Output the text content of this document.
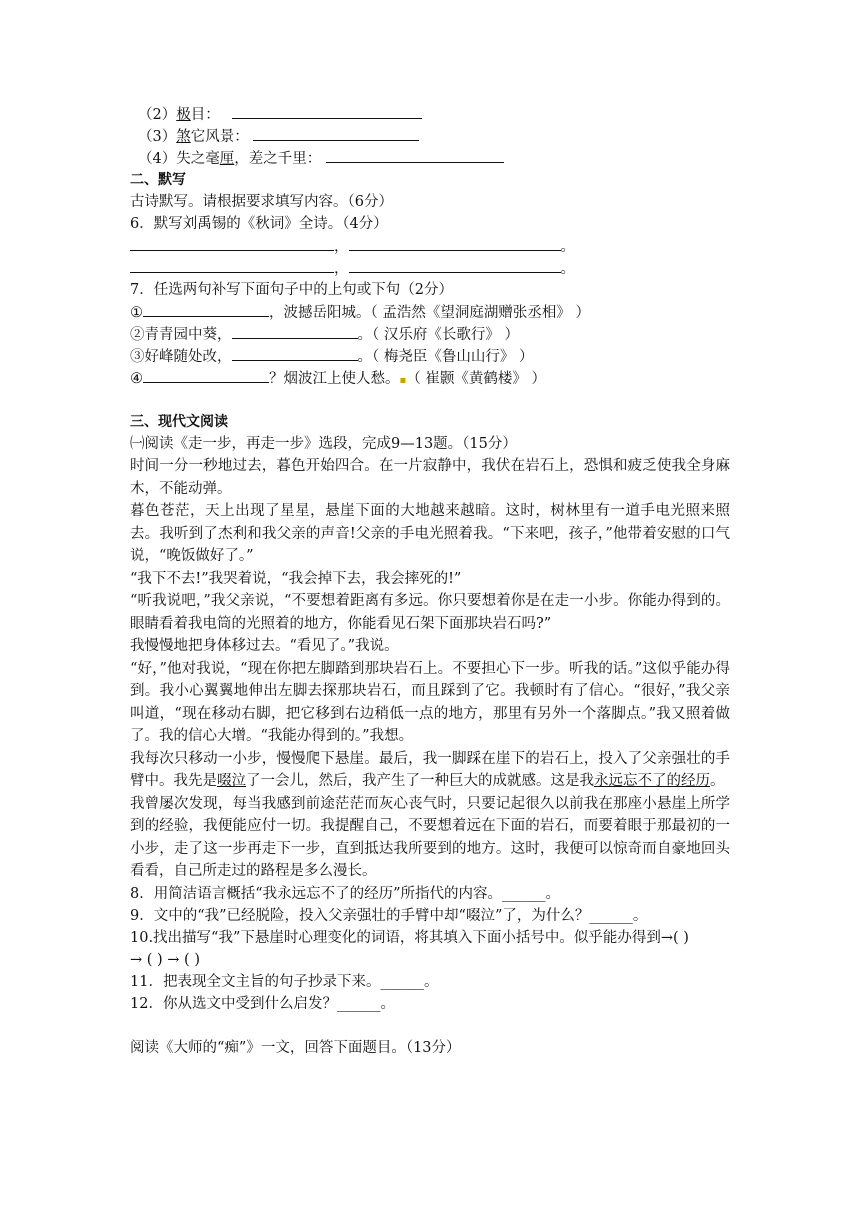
（2）极目：
（3）煞它风景：
（4）失之毫厘，差之千里：
二、默写
古诗默写。请根据要求填写内容。（6分）
6．默写刘禹锡的《秋词》全诗。（4分）
，	。
，	。
7．任选两句补写下面句子中的上句或下句（2分）
①	，波撼岳阳城。（ 孟浩然《望洞庭湖赠张丞相》 ）
②青青园中葵，	。（ 汉乐府《长歌行》 ）
③好峰随处改，	。（ 梅尧臣《鲁山山行》 ）
④	？烟波江上使人愁。▪（ 崔颢《黄鹤楼》 ）
三、现代文阅读
㈠阅读《走一步，再走一步》选段，完成9—13题。（15分）
时间一分一秒地过去，暮色开始四合。在一片寂静中，我伏在岩石上，恐惧和疲乏使我全身麻木，不能动弹。
暮色苍茫，天上出现了星星，悬崖下面的大地越来越暗。这时，树林里有一道手电光照来照去。我听到了杰利和我父亲的声音!父亲的手电光照着我。“下来吧，孩子，”他带着安慰的口气说，“晚饭做好了。”
“我下不去!”我哭着说，“我会掉下去，我会摔死的!”
“听我说吧，”我父亲说，“不要想着距离有多远。你只要想着你是在走一小步。你能办得到的。眼睛看着我电筒的光照着的地方，你能看见石架下面那块岩石吗?”
我慢慢地把身体移过去。“看见了。”我说。
“好，”他对我说，“现在你把左脚踏到那块岩石上。不要担心下一步。听我的话。”这似乎能办得到。我小心翼翼地伸出左脚去探那块岩石，而且踩到了它。我顿时有了信心。“很好，”我父亲叫道，“现在移动右脚，把它移到右边稍低一点的地方，那里有另外一个落脚点。”我又照着做了。我的信心大增。“我能办得到的。”我想。
我每次只移动一小步，慢慢爬下悬崖。最后，我一脚踩在崖下的岩石上，投入了父亲强壮的手臂中。我先是啜泣了一会儿，然后，我产生了一种巨大的成就感。这是我永远忘不了的经历。
我曾屡次发现，每当我感到前途茫茫而灰心丧气时，只要记起很久以前我在那座小悬崖上所学到的经验，我便能应付一切。我提醒自己，不要想着远在下面的岩石，而要着眼于那最初的一小步，走了这一步再走下一步，直到抵达我所要到的地方。这时，我便可以惊奇而自豪地回头看看，自己所走过的路程是多么漫长。
8．用简洁语言概括“我永远忘不了的经历”所指代的内容。______。
9．文中的“我”已经脱险，投入父亲强壮的手臂中却“啜泣”了，为什么？______。
10.找出描写“我”下悬崖时心理变化的词语，将其填入下面小括号中。似乎能办得到→( )
→ ( ) → ( )
11．把表现全文主旨的句子抄录下来。______。
12．你从选文中受到什么启发？______。
阅读《大师的“痴”》一文，回答下面题目。（13分）
